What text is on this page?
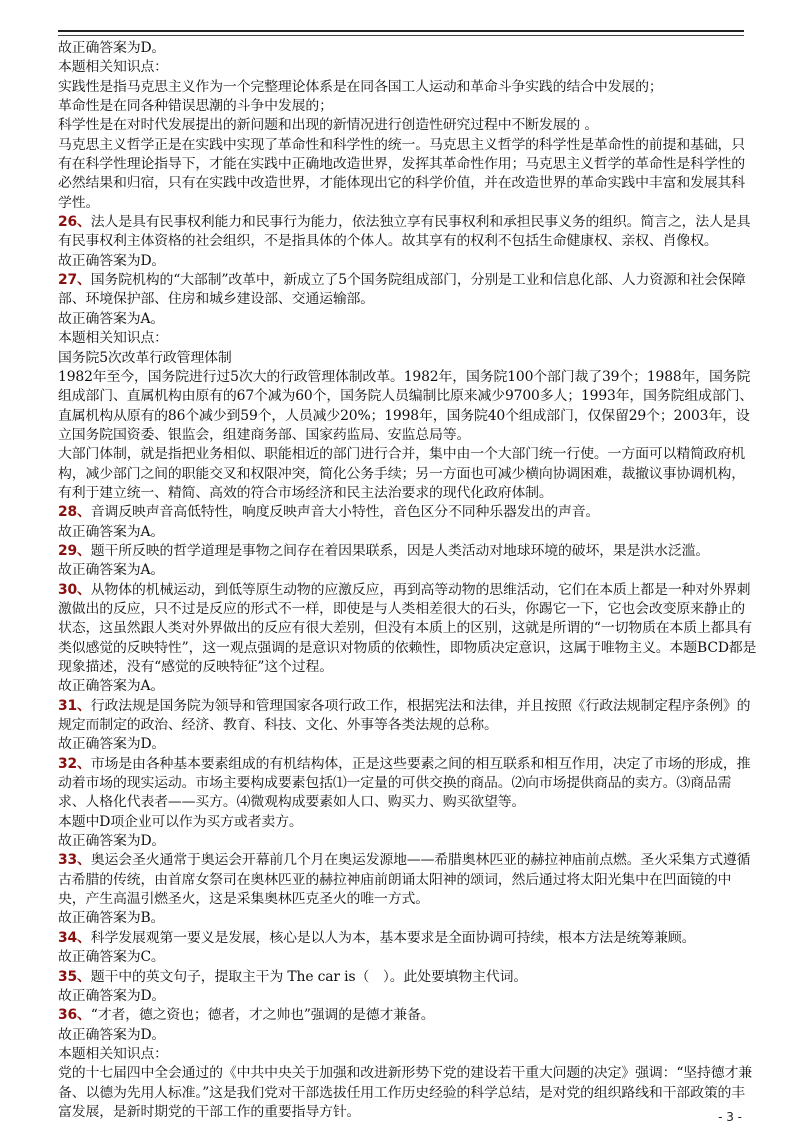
故正确答案为D。
本题相关知识点：
实践性是指马克思主义作为一个完整理论体系是在同各国工人运动和革命斗争实践的结合中发展的；
革命性是在同各种错误思潮的斗争中发展的；
科学性是在对时代发展提出的新问题和出现的新情况进行创造性研究过程中不断发展的 。
马克思主义哲学正是在实践中实现了革命性和科学性的统一。马克思主义哲学的科学性是革命性的前提和基础，只有在科学性理论指导下，才能在实践中正确地改造世界，发挥其革命性作用；马克思主义哲学的革命性是科学性的必然结果和归宿，只有在实践中改造世界，才能体现出它的科学价值，并在改造世界的革命实践中丰富和发展其科学性。
26、法人是具有民事权利能力和民事行为能力，依法独立享有民事权利和承担民事义务的组织。简言之，法人是具有民事权利主体资格的社会组织，不是指具体的个体人。故其享有的权利不包括生命健康权、亲权、肖像权。
故正确答案为D。
27、国务院机构的“大部制”改革中，新成立了5个国务院组成部门，分别是工业和信息化部、人力资源和社会保障部、环境保护部、住房和城乡建设部、交通运输部。
故正确答案为A。
本题相关知识点：
国务院5次改革行政管理体制
1982年至今，国务院进行过5次大的行政管理体制改革。1982年，国务院100个部门裁了39个；1988年，国务院组成部门、直属机构由原有的67个减为60个，国务院人员编制比原来减少9700多人；1993年，国务院组成部门、直属机构从原有的86个减少到59个，人员减少20%；1998年，国务院40个组成部门，仅保留29个；2003年，设立国务院国资委、银监会，组建商务部、国家药监局、安监总局等。
大部门体制，就是指把业务相似、职能相近的部门进行合并，集中由一个大部门统一行使。一方面可以精简政府机构，减少部门之间的职能交叉和权限冲突，简化公务手续；另一方面也可减少横向协调困难，裁撤议事协调机构，有利于建立统一、精简、高效的符合市场经济和民主法治要求的现代化政府体制。
28、音调反映声音高低特性，响度反映声音大小特性，音色区分不同种乐器发出的声音。
故正确答案为A。
29、题干所反映的哲学道理是事物之间存在着因果联系，因是人类活动对地球环境的破坏，果是洪水泛滥。
故正确答案为A。
30、从物体的机械运动，到低等原生动物的应激反应，再到高等动物的思维活动，它们在本质上都是一种对外界刺激做出的反应，只不过是反应的形式不一样，即使是与人类相差很大的石头，你踢它一下，它也会改变原来静止的状态，这虽然跟人类对外界做出的反应有很大差别，但没有本质上的区别，这就是所谓的“一切物质在本质上都具有类似感觉的反映特性”，这一观点强调的是意识对物质的依赖性，即物质决定意识，这属于唯物主义。本题BCD都是现象描述，没有“感觉的反映特征”这个过程。
故正确答案为A。
31、行政法规是国务院为领导和管理国家各项行政工作，根据宪法和法律，并且按照《行政法规制定程序条例》的规定而制定的政治、经济、教育、科技、文化、外事等各类法规的总称。
故正确答案为D。
32、市场是由各种基本要素组成的有机结构体，正是这些要素之间的相互联系和相互作用，决定了市场的形成，推动着市场的现实运动。市场主要构成要素包括⑴一定量的可供交换的商品。⑵向市场提供商品的卖方。⑶商品需求、人格化代表者——买方。⑷微观构成要素如人口、购买力、购买欲望等。
本题中D项企业可以作为买方或者卖方。
故正确答案为D。
33、奥运会圣火通常于奥运会开幕前几个月在奥运发源地——希腊奥林匹亚的赫拉神庙前点燃。圣火采集方式遵循古希腊的传统，由首席女祭司在奥林匹亚的赫拉神庙前朗诵太阳神的颂词，然后通过将太阳光集中在凹面镜的中央，产生高温引燃圣火，这是采集奥林匹克圣火的唯一方式。
故正确答案为B。
34、科学发展观第一要义是发展，核心是以人为本，基本要求是全面协调可持续，根本方法是统筹兼顾。
故正确答案为C。
35、题干中的英文句子，提取主干为 The car is（　）。此处要填物主代词。
故正确答案为D。
36、“才者，德之资也；德者，才之帅也”强调的是德才兼备。
故正确答案为D。
本题相关知识点：
党的十七届四中全会通过的《中共中央关于加强和改进新形势下党的建设若干重大问题的决定》强调：“坚持德才兼备、以德为先用人标准。”这是我们党对干部选拔任用工作历史经验的科学总结，是对党的组织路线和干部政策的丰富发展，是新时期党的干部工作的重要指导方针。	- 3 -
